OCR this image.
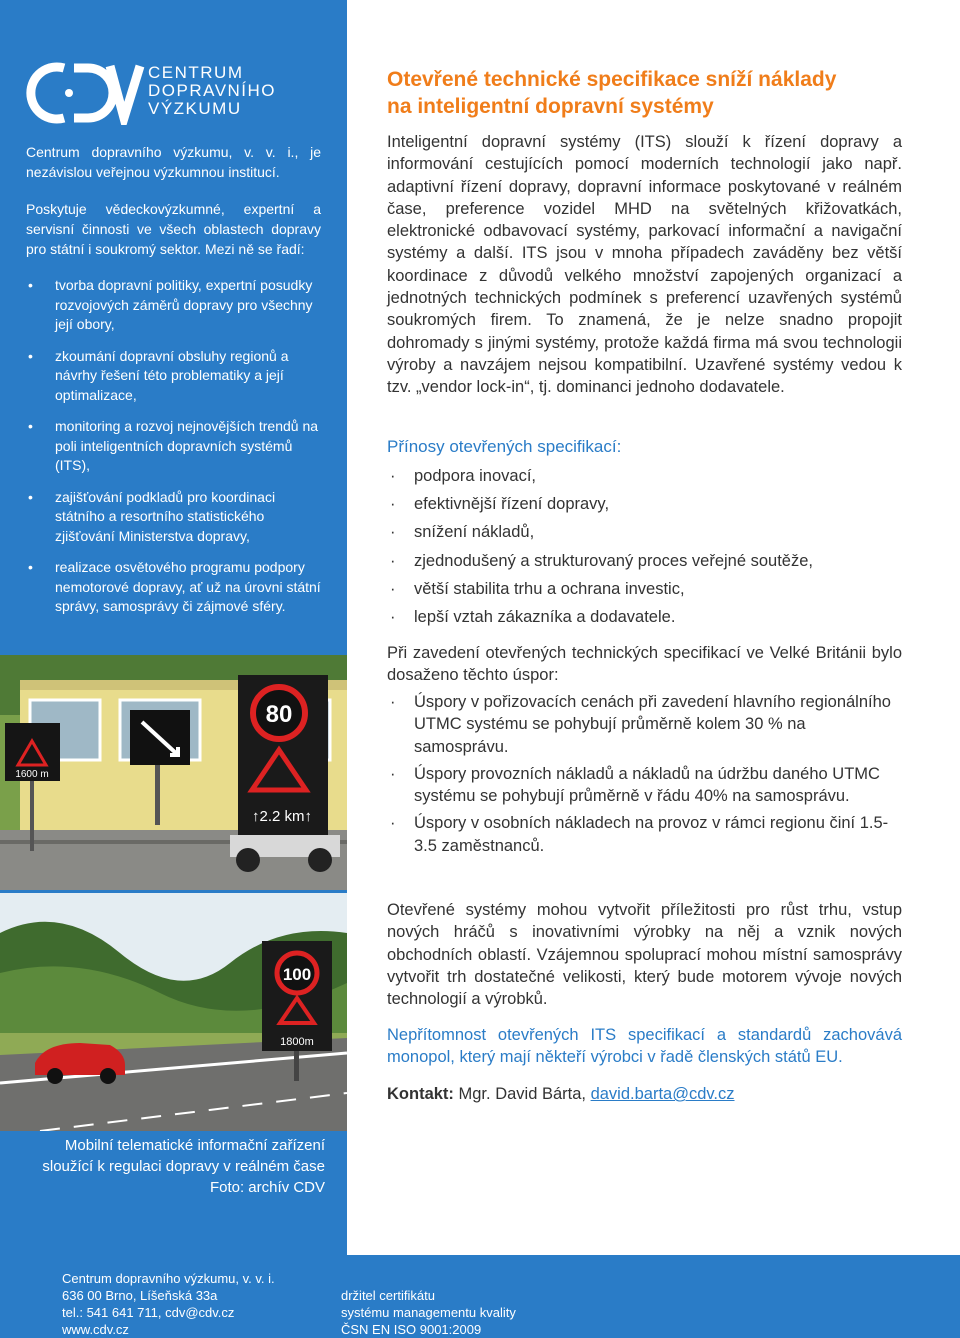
CENTRUM
DOPRAVNÍHO
VÝZKUMU
Centrum dopravního výzkumu, v. v. i., je nezávislou veřejnou výzkumnou institucí.
Poskytuje vědeckovýzkumné, expertní a servisní činnosti ve všech oblastech dopravy pro státní i soukromý sektor. Mezi ně se řadí:
• tvorba dopravní politiky, expertní posudky rozvojových záměrů dopravy pro všechny její obory,
• zkoumání dopravní obsluhy regionů a návrhy řešení této problematiky a její optimalizace,
• monitoring a rozvoj nejnovějších trendů na poli inteligentních dopravních systémů (ITS),
• zajišťování podkladů pro koordinaci státního a resortního statistického zjišťování Ministerstva dopravy,
• realizace osvětového programu podpory nemotorové dopravy, ať už na úrovni státní správy, samosprávy či zájmové sféry.
1600 m
80
↑2.2 km↑
100
1800m
Mobilní telematické informační zařízení
sloužící k regulaci dopravy v reálném čase
Foto: archív CDV
Otevřené technické specifikace sníží náklady
na inteligentní dopravní systémy
Inteligentní dopravní systémy (ITS) slouží k řízení dopravy a informování cestujících pomocí moderních technologií jako např. adaptivní řízení dopravy, dopravní informace poskytované v reálném čase, preference vozidel MHD na světelných křižovatkách, elektronické odbavovací systémy, parkovací informační a navigační systémy a další. ITS jsou v mnoha případech zaváděny bez větší koordinace z důvodů velkého množství zapojených organizací a jednotných technických podmínek s preferencí uzavřených systémů soukromých firem. To znamená, že je nelze snadno propojit dohromady s jinými systémy, protože každá firma má svou technologii výroby a navzájem nejsou kompatibilní. Uzavřené systémy vedou k tzv. „vendor lock-in“, tj. dominanci jednoho dodavatele.
Přínosy otevřených specifikací:
· podpora inovací,
· efektivnější řízení dopravy,
· snížení nákladů,
· zjednodušený a strukturovaný proces veřejné soutěže,
· větší stabilita trhu a ochrana investic,
· lepší vztah zákazníka a dodavatele.
Při zavedení otevřených technických specifikací ve Velké Británii bylo dosaženo těchto úspor:
· Úspory v pořizovacích cenách při zavedení hlavního regionálního UTMC systému se pohybují průměrně kolem 30 % na samosprávu.
· Úspory provozních nákladů a nákladů na údržbu daného UTMC systému se pohybují průměrně v řádu 40% na samosprávu.
· Úspory v osobních nákladech na provoz v rámci regionu činí 1.5-3.5 zaměstnanců.
Otevřené systémy mohou vytvořit příležitosti pro růst trhu, vstup nových hráčů s inovativními výrobky na něj a vznik nových obchodních oblastí. Vzájemnou spoluprací mohou místní samosprávy vytvořit trh dostatečné velikosti, který bude motorem vývoje nových technologií a výrobků.
Nepřítomnost otevřených ITS specifikací a standardů zachovává monopol, který mají někteří výrobci v řadě členských států EU.
Kontakt: Mgr. David Bárta, david.barta@cdv.cz
Centrum dopravního výzkumu, v. v. i.
636 00 Brno, Líšeňská 33a
tel.: 541 641 711, cdv@cdv.cz
www.cdv.cz
držitel certifikátu
systému managementu kvality
ČSN EN ISO 9001:2009
